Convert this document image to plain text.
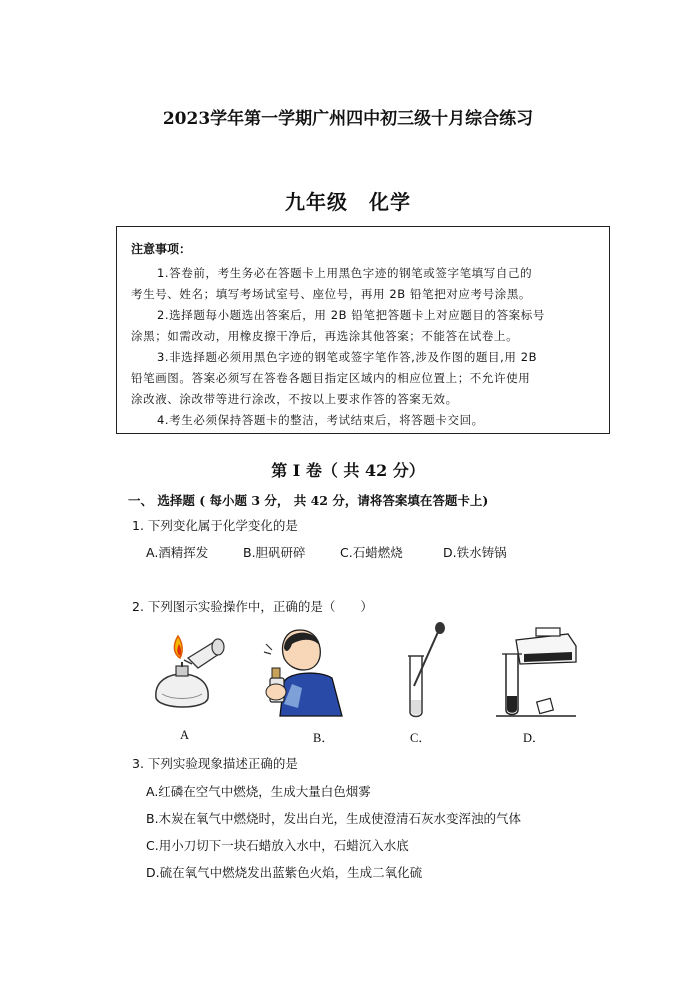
2023学年第一学期广州四中初三级十月综合练习
九年级　化学
注意事项：
1.答卷前，考生务必在答题卡上用黑色字迹的钢笔或签字笔填写自己的
考生号、姓名；填写考场试室号、座位号，再用 2B 铅笔把对应考号涂黑。
2.选择题每小题选出答案后，用 2B 铅笔把答题卡上对应题目的答案标号
涂黑；如需改动，用橡皮擦干净后，再选涂其他答案；不能答在试卷上。
3.非选择题必须用黑色字迹的钢笔或签字笔作答,涉及作图的题目,用 2B
铅笔画图。答案必须写在答卷各题目指定区域内的相应位置上；不允许使用
涂改液、涂改带等进行涂改，不按以上要求作答的答案无效。
4.考生必须保持答题卡的整洁，考试结束后，将答题卡交回。
第 I 卷（ 共 42 分）
一、 选择题 ( 每小题 3 分， 共 42 分，请将答案填在答题卡上)
1. 下列变化属于化学变化的是
A.酒精挥发	B.胆矾研碎	C.石蜡燃烧	D.铁水铸锅
2. 下列图示实验操作中，正确的是（　　）
A	B．	C．	D．
3. 下列实验现象描述正确的是
A.红磷在空气中燃烧，生成大量白色烟雾
B.木炭在氧气中燃烧时，发出白光，生成使澄清石灰水变浑浊的气体
C.用小刀切下一块石蜡放入水中，石蜡沉入水底
D.硫在氧气中燃烧发出蓝紫色火焰，生成二氧化硫
